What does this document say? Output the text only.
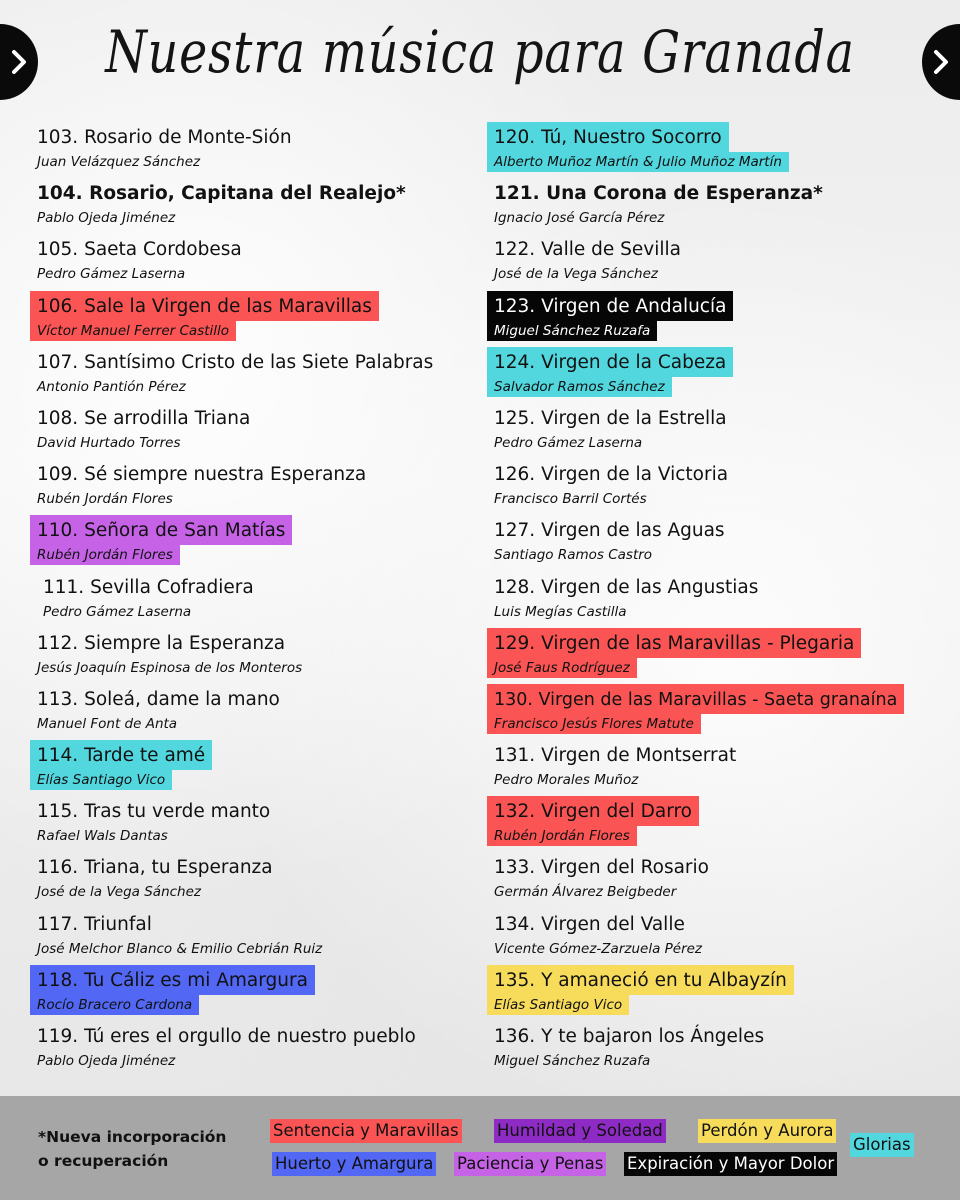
Nuestra música para Granada
103. Rosario de Monte-Sión
Juan Velázquez Sánchez
104. Rosario, Capitana del Realejo*
Pablo Ojeda Jiménez
105. Saeta Cordobesa
Pedro Gámez Laserna
106. Sale la Virgen de las Maravillas
Víctor Manuel Ferrer Castillo
107. Santísimo Cristo de las Siete Palabras
Antonio Pantión Pérez
108. Se arrodilla Triana
David Hurtado Torres
109. Sé siempre nuestra Esperanza
Rubén Jordán Flores
110. Señora de San Matías
Rubén Jordán Flores
111. Sevilla Cofradiera
Pedro Gámez Laserna
112. Siempre la Esperanza
Jesús Joaquín Espinosa de los Monteros
113. Soleá, dame la mano
Manuel Font de Anta
114. Tarde te amé
Elías Santiago Vico
115. Tras tu verde manto
Rafael Wals Dantas
116. Triana, tu Esperanza
José de la Vega Sánchez
117. Triunfal
José Melchor Blanco & Emilio Cebrián Ruiz
118. Tu Cáliz es mi Amargura
Rocío Bracero Cardona
119. Tú eres el orgullo de nuestro pueblo
Pablo Ojeda Jiménez
120. Tú, Nuestro Socorro
Alberto Muñoz Martín & Julio Muñoz Martín
121. Una Corona de Esperanza*
Ignacio José García Pérez
122. Valle de Sevilla
José de la Vega Sánchez
123. Virgen de Andalucía
Miguel Sánchez Ruzafa
124. Virgen de la Cabeza
Salvador Ramos Sánchez
125. Virgen de la Estrella
Pedro Gámez Laserna
126. Virgen de la Victoria
Francisco Barril Cortés
127. Virgen de las Aguas
Santiago Ramos Castro
128. Virgen de las Angustias
Luis Megías Castilla
129. Virgen de las Maravillas - Plegaria
José Faus Rodríguez
130. Virgen de las Maravillas - Saeta granaína
Francisco Jesús Flores Matute
131. Virgen de Montserrat
Pedro Morales Muñoz
132. Virgen del Darro
Rubén Jordán Flores
133. Virgen del Rosario
Germán Álvarez Beigbeder
134. Virgen del Valle
Vicente Gómez-Zarzuela Pérez
135. Y amaneció en tu Albayzín
Elías Santiago Vico
136. Y te bajaron los Ángeles
Miguel Sánchez Ruzafa
*Nueva incorporación
o recuperación
Sentencia y Maravillas Humildad y Soledad Perdón y Aurora
Glorias
Huerto y Amargura Paciencia y Penas Expiración y Mayor Dolor
